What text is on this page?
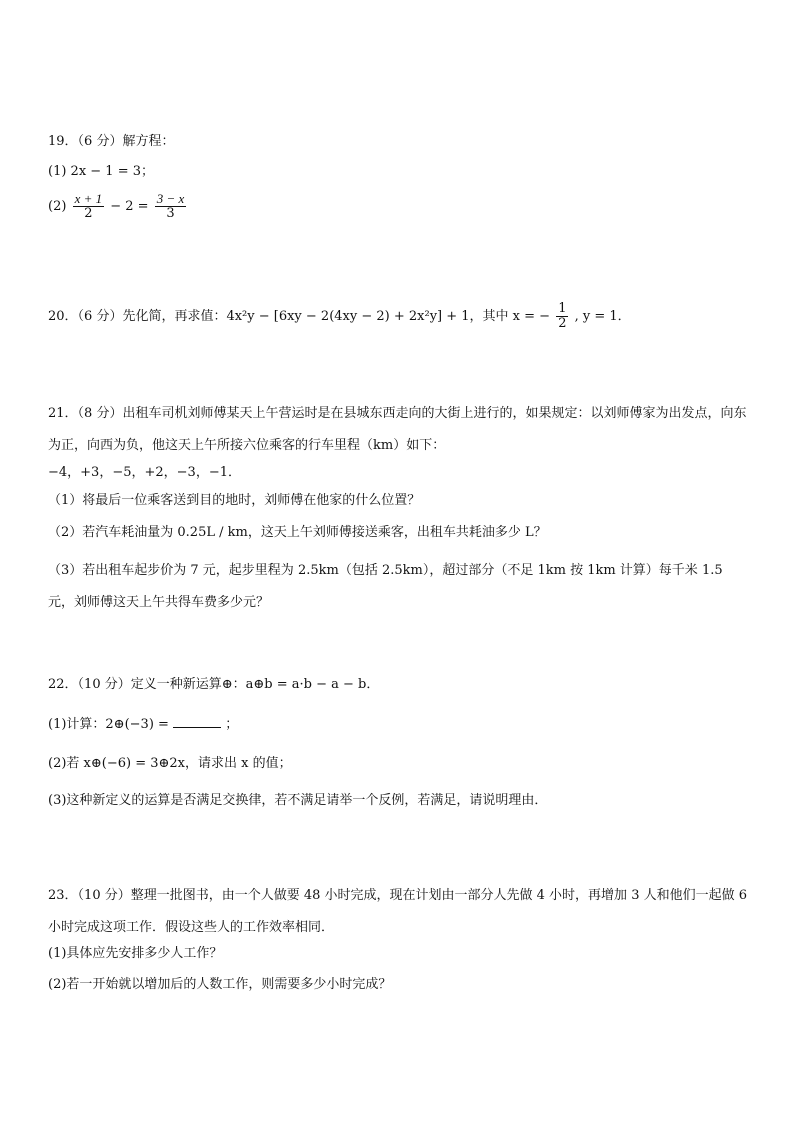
19．（6 分）解方程：
(1) 2x − 1 = 3；
$(2) \frac{x + 1}{2} - 2 = \frac{3 - x}{3}$
20．（6 分）先化简，再求值：4x²y − [6xy − 2(4xy − 2) + 2x²y] + 1，其中 x = − $\frac{1}{2}$ , y = 1．
21．（8 分）出租车司机刘师傅某天上午营运时是在县城东西走向的大街上进行的，如果规定：以刘师傅家为出发点，向东为正，向西为负，他这天上午所接六位乘客的行车里程（km）如下：
−4，+3，−5，+2，−3，−1．
（1）将最后一位乘客送到目的地时，刘师傅在他家的什么位置？
（2）若汽车耗油量为 0.25L / km，这天上午刘师傅接送乘客，出租车共耗油多少 L？
（3）若出租车起步价为 7 元，起步里程为 2.5km（包括 2.5km），超过部分（不足 1km 按 1km 计算）每千米 1.5 元，刘师傅这天上午共得车费多少元？
22．（10 分）定义一种新运算⊕：a⊕b = a·b − a − b．
(1)计算：2⊕(−3) =	；
(2)若 x⊕(−6) = 3⊕2x，请求出 x 的值；
(3)这种新定义的运算是否满足交换律，若不满足请举一个反例，若满足，请说明理由．
23．（10 分）整理一批图书，由一个人做要 48 小时完成，现在计划由一部分人先做 4 小时，再增加 3 人和他们一起做 6 小时完成这项工作．假设这些人的工作效率相同．
(1)具体应先安排多少人工作？
(2)若一开始就以增加后的人数工作，则需要多少小时完成？
